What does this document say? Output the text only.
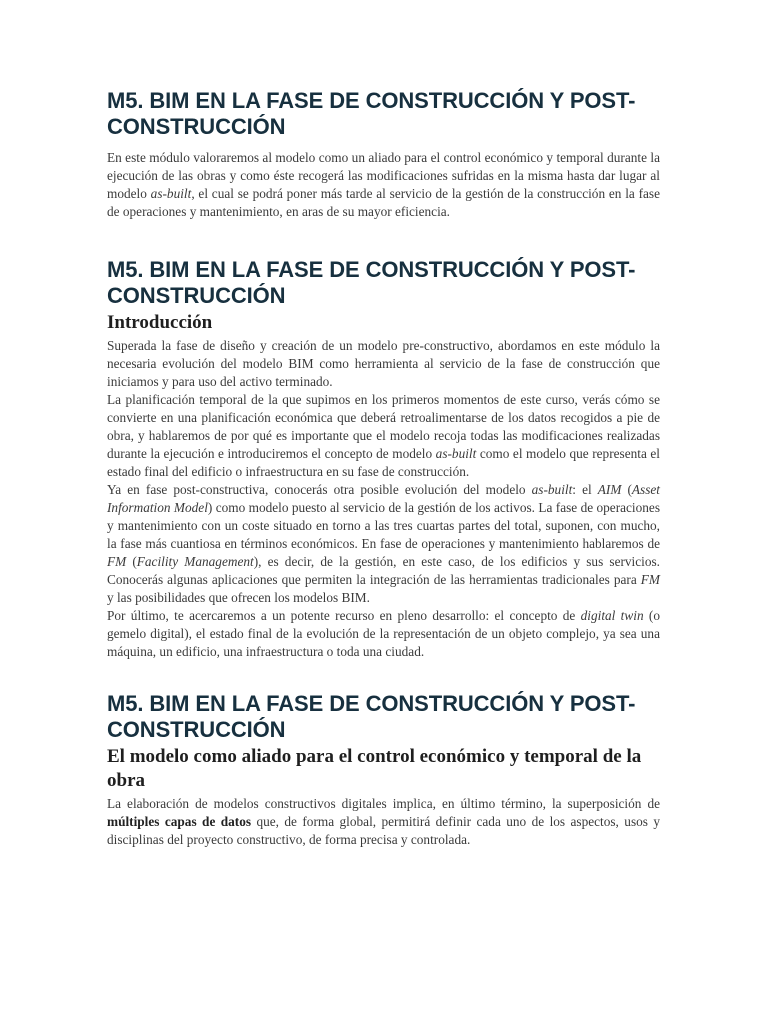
M5. BIM EN LA FASE DE CONSTRUCCIÓN Y POST-CONSTRUCCIÓN

En este módulo valoraremos al modelo como un aliado para el control económico y temporal durante la ejecución de las obras y como éste recogerá las modificaciones sufridas en la misma hasta dar lugar al modelo as-built, el cual se podrá poner más tarde al servicio de la gestión de la construcción en la fase de operaciones y mantenimiento, en aras de su mayor eficiencia.

M5. BIM EN LA FASE DE CONSTRUCCIÓN Y POST-CONSTRUCCIÓN
Introducción

Superada la fase de diseño y creación de un modelo pre-constructivo, abordamos en este módulo la necesaria evolución del modelo BIM como herramienta al servicio de la fase de construcción que iniciamos y para uso del activo terminado.

La planificación temporal de la que supimos en los primeros momentos de este curso, verás cómo se convierte en una planificación económica que deberá retroalimentarse de los datos recogidos a pie de obra, y hablaremos de por qué es importante que el modelo recoja todas las modificaciones realizadas durante la ejecución e introduciremos el concepto de modelo as-built como el modelo que representa el estado final del edificio o infraestructura en su fase de construcción.

Ya en fase post-constructiva, conocerás otra posible evolución del modelo as-built: el AIM (Asset Information Model) como modelo puesto al servicio de la gestión de los activos. La fase de operaciones y mantenimiento con un coste situado en torno a las tres cuartas partes del total, suponen, con mucho, la fase más cuantiosa en términos económicos. En fase de operaciones y mantenimiento hablaremos de FM (Facility Management), es decir, de la gestión, en este caso, de los edificios y sus servicios. Conocerás algunas aplicaciones que permiten la integración de las herramientas tradicionales para FM y las posibilidades que ofrecen los modelos BIM.

Por último, te acercaremos a un potente recurso en pleno desarrollo: el concepto de digital twin (o gemelo digital), el estado final de la evolución de la representación de un objeto complejo, ya sea una máquina, un edificio, una infraestructura o toda una ciudad.

M5. BIM EN LA FASE DE CONSTRUCCIÓN Y POST-CONSTRUCCIÓN
El modelo como aliado para el control económico y temporal de la obra

La elaboración de modelos constructivos digitales implica, en último término, la superposición de múltiples capas de datos que, de forma global, permitirá definir cada uno de los aspectos, usos y disciplinas del proyecto constructivo, de forma precisa y controlada.
